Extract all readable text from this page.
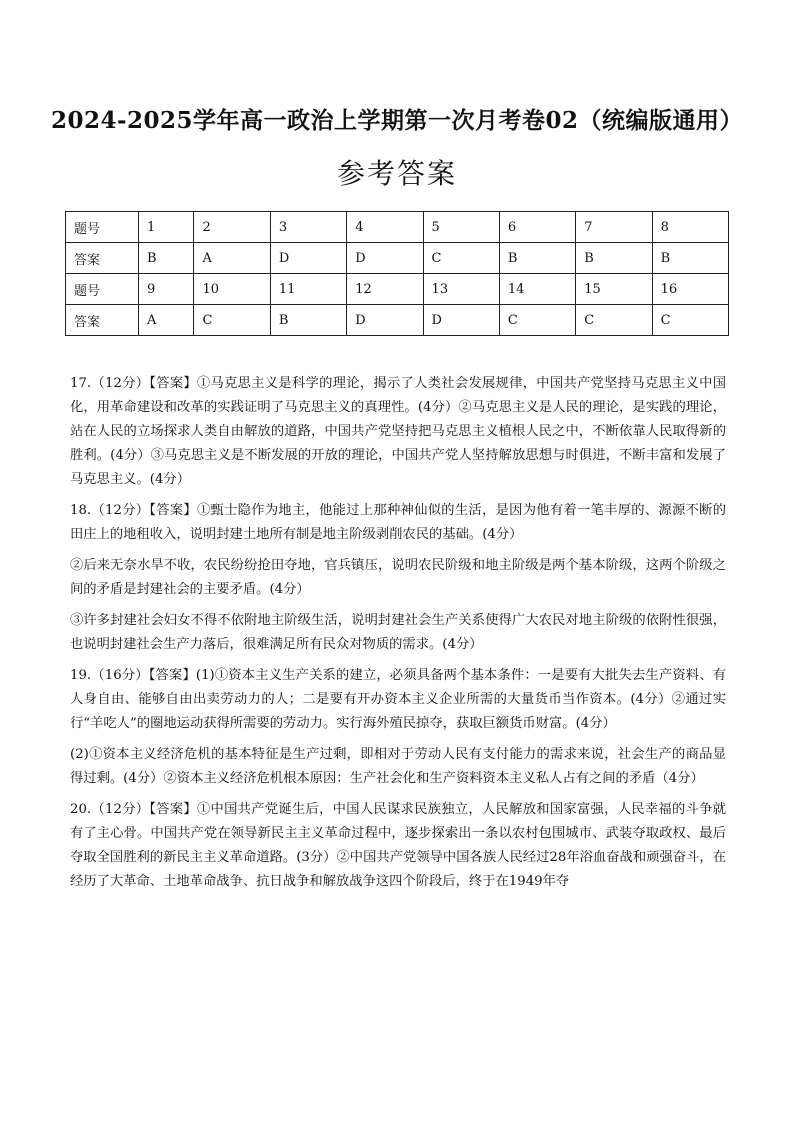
2024-2025学年高一政治上学期第一次月考卷02（统编版通用）
参考答案
题号	1	2	3	4	5	6	7	8
答案	B	A	D	D	C	B	B	B
题号	9	10	11	12	13	14	15	16
答案	A	C	B	D	D	C	C	C

17.（12分）【答案】①马克思主义是科学的理论，揭示了人类社会发展规律，中国共产党坚持马克思主义中国化，用革命建设和改革的实践证明了马克思主义的真理性。(4分）②马克思主义是人民的理论，是实践的理论，站在人民的立场探求人类自由解放的道路，中国共产党坚持把马克思主义植根人民之中，不断依靠人民取得新的胜利。(4分）③马克思主义是不断发展的开放的理论，中国共产党人坚持解放思想与时俱进，不断丰富和发展了马克思主义。(4分）

18.（12分）【答案】①甄士隐作为地主，他能过上那种神仙似的生活，是因为他有着一笔丰厚的、源源不断的田庄上的地租收入，说明封建土地所有制是地主阶级剥削农民的基础。(4分）

②后来无奈水旱不收，农民纷纷抢田夺地，官兵镇压，说明农民阶级和地主阶级是两个基本阶级，这两个阶级之间的矛盾是封建社会的主要矛盾。(4分）

③许多封建社会妇女不得不依附地主阶级生活，说明封建社会生产关系使得广大农民对地主阶级的依附性很强，也说明封建社会生产力落后，很难满足所有民众对物质的需求。(4分）

19.（16分）【答案】(1)①资本主义生产关系的建立，必须具备两个基本条件：一是要有大批失去生产资料、有人身自由、能够自由出卖劳动力的人；二是要有开办资本主义企业所需的大量货币当作资本。(4分）②通过实行“羊吃人”的圈地运动获得所需要的劳动力。实行海外殖民掠夺，获取巨额货币财富。(4分）

(2)①资本主义经济危机的基本特征是生产过剩，即相对于劳动人民有支付能力的需求来说，社会生产的商品显得过剩。(4分）②资本主义经济危机根本原因：生产社会化和生产资料资本主义私人占有之间的矛盾（4分）

20.（12分）【答案】①中国共产党诞生后，中国人民谋求民族独立，人民解放和国家富强，人民幸福的斗争就有了主心骨。中国共产党在领导新民主主义革命过程中，逐步探索出一条以农村包围城市、武装夺取政权、最后夺取全国胜利的新民主主义革命道路。(3分）②中国共产党领导中国各族人民经过28年浴血奋战和顽强奋斗，在经历了大革命、土地革命战争、抗日战争和解放战争这四个阶段后，终于在1949年夺
